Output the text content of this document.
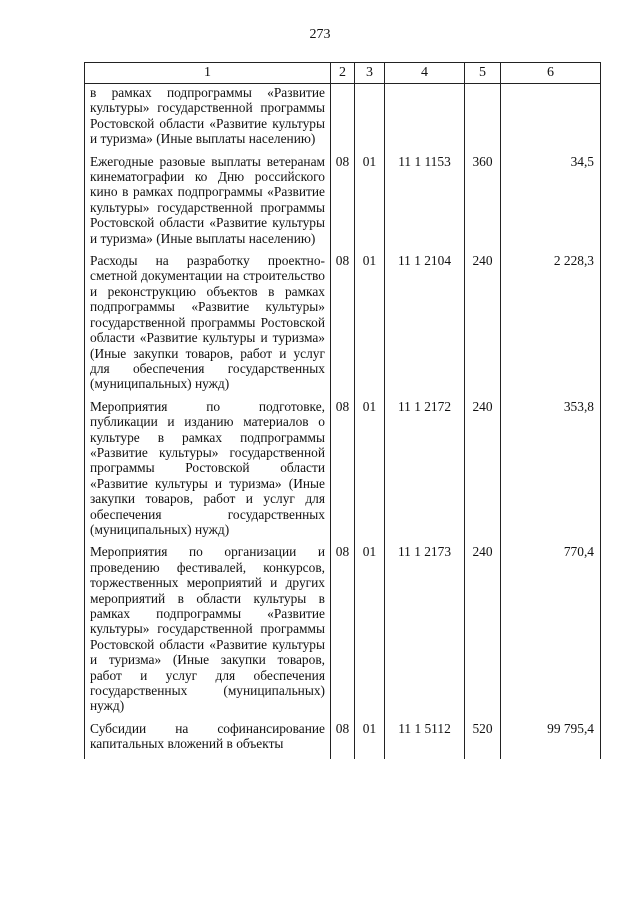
273
1	2	3	4	5	6
в рамках подпрограммы «Развитие культуры» государственной программы Ростовской области «Развитие культуры и туризма» (Иные выплаты населению)					
Ежегодные разовые выплаты ветеранам кинематографии ко Дню российского кино в рамках подпрограммы «Развитие культуры» государственной программы Ростовской области «Развитие культуры и туризма» (Иные выплаты населению)	08	01	11 1 1153	360	34,5
Расходы на разработку проектно-сметной документации на строительство и реконструкцию объектов в рамках подпрограммы «Развитие культуры» государственной программы Ростовской области «Развитие культуры и туризма» (Иные закупки товаров, работ и услуг для обеспечения государственных (муниципальных) нужд)	08	01	11 1 2104	240	2 228,3
Мероприятия по подготовке, публикации и изданию материалов о культуре в рамках подпрограммы «Развитие культуры» государственной программы Ростовской области «Развитие культуры и туризма» (Иные закупки товаров, работ и услуг для обеспечения государственных (муниципальных) нужд)	08	01	11 1 2172	240	353,8
Мероприятия по организации и проведению фестивалей, конкурсов, торжественных мероприятий и других мероприятий в области культуры в рамках подпрограммы «Развитие культуры» государственной программы Ростовской области «Развитие культуры и туризма» (Иные закупки товаров, работ и услуг для обеспечения государственных (муниципальных) нужд)	08	01	11 1 2173	240	770,4
Субсидии на софинансирование капитальных вложений в объекты	08	01	11 1 5112	520	99 795,4
